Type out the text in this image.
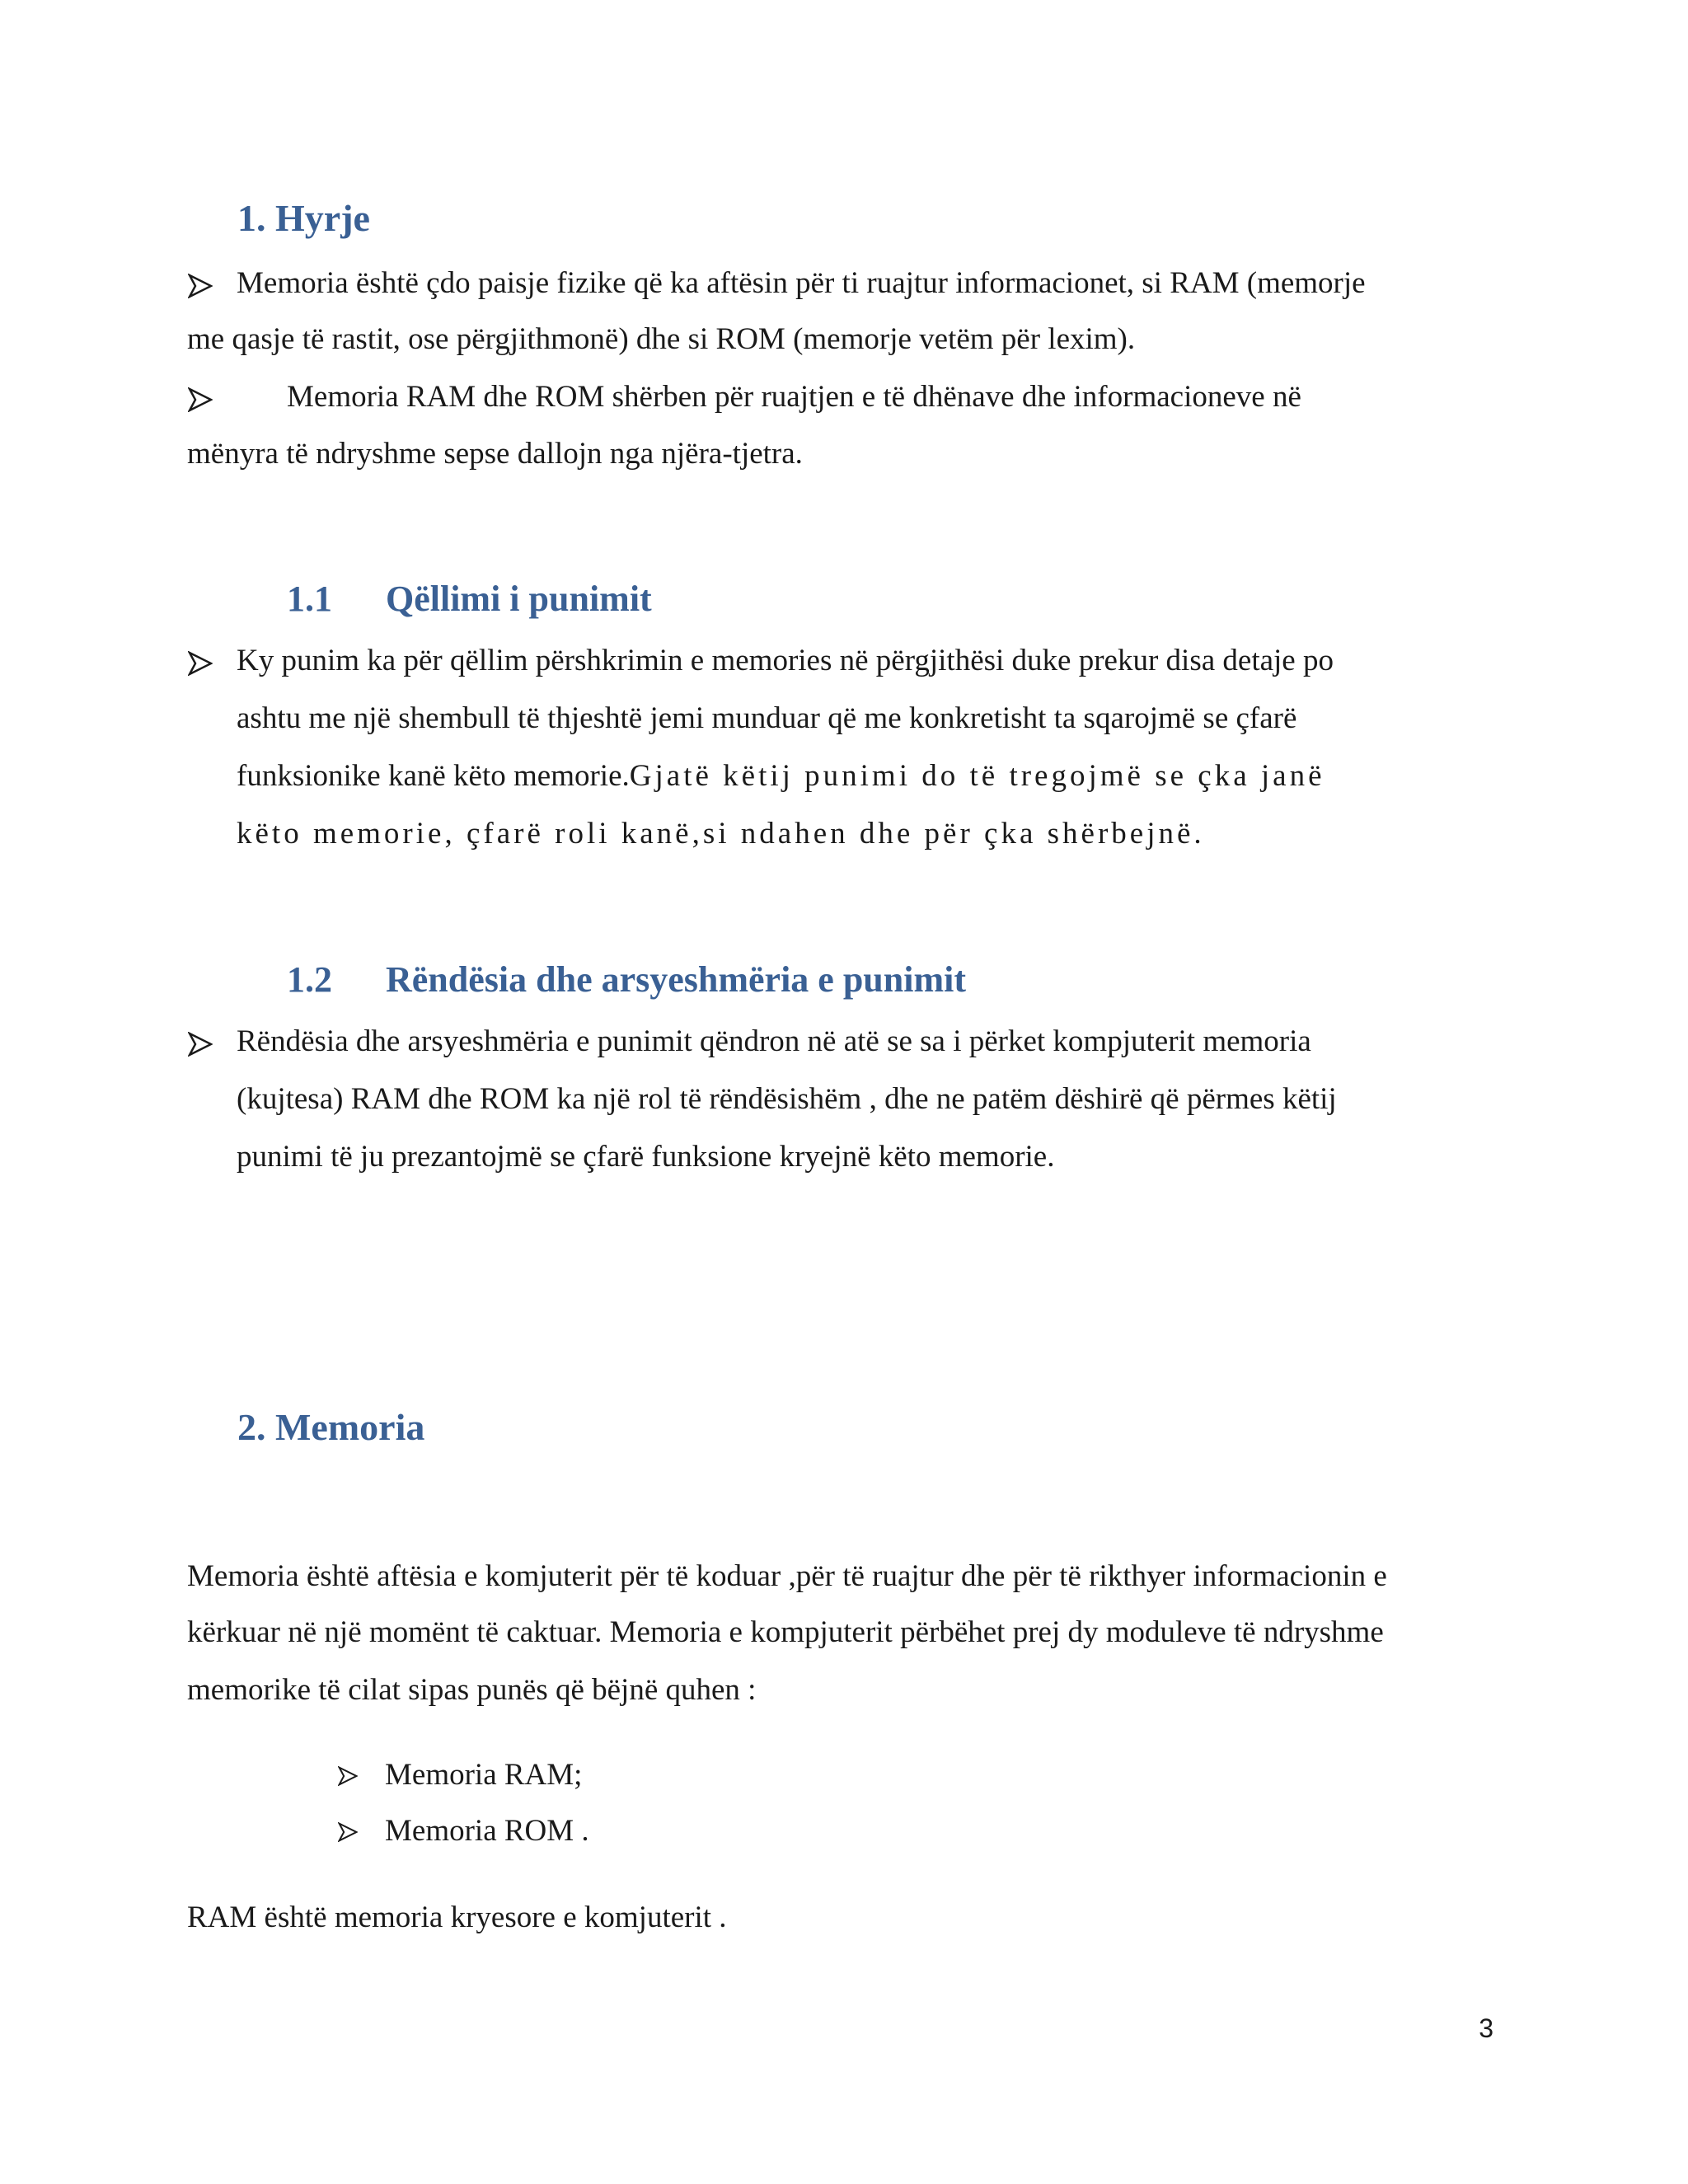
1. Hyrje

Memoria është çdo paisje fizike që ka aftësin për ti ruajtur informacionet, si RAM (memorje

me qasje të rastit, ose përgjithmonë) dhe si ROM (memorje vetëm për lexim).

Memoria RAM dhe ROM shërben për ruajtjen e të dhënave dhe informacioneve në

mënyra të ndryshme sepse dallojn nga njëra-tjetra.

1.1 Qëllimi i punimit

Ky punim ka për qëllim përshkrimin e memories në përgjithësi duke prekur disa detaje po

ashtu me një shembull të thjeshtë jemi munduar që me konkretisht ta sqarojmë se çfarë

funksionike kanë këto memorie.Gjatë këtij punimi do të tregojmë se çka janë

këto memorie, çfarë roli kanë,si ndahen dhe për çka shërbejnë.

1.2 Rëndësia dhe arsyeshmëria e punimit

Rëndësia dhe arsyeshmëria e punimit qëndron në atë se sa i përket kompjuterit memoria

(kujtesa) RAM dhe ROM ka një rol të rëndësishëm , dhe ne patëm dëshirë që përmes këtij

punimi të ju prezantojmë se çfarë funksione kryejnë këto memorie.

2. Memoria

Memoria është aftësia e komjuterit për të koduar ,për të ruajtur dhe për të rikthyer informacionin e

kërkuar në një momënt të caktuar. Memoria e kompjuterit përbëhet prej dy moduleve të ndryshme

memorike të cilat sipas punës që bëjnë quhen :

Memoria RAM;

Memoria ROM .

RAM është memoria kryesore e komjuterit .

3
